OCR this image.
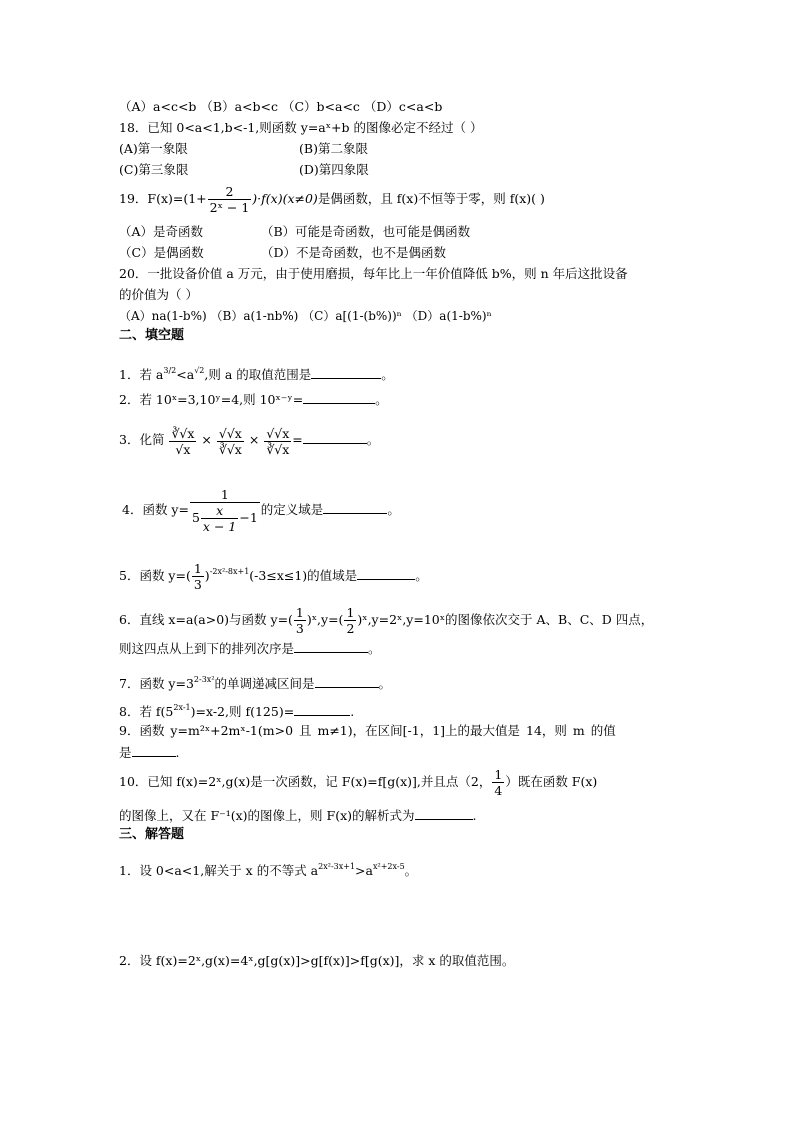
（A）a<c<b （B）a<b<c （C）b<a<c （D）c<a<b
18．已知 0<a<1,b<-1,则函数 y=aˣ+b 的图像必定不经过（ ）
(A)第一象限	(B)第二象限
(C)第三象限	(D)第四象限
19．$F(x)=(1+ \frac{2}{\text{2ˣ − 1}} )\cdot f(x)(x\ne 0)$是偶函数，且 f(x)不恒等于零，则 f(x)( )
（A）是奇函数	（B）可能是奇函数，也可能是偶函数
（C）是偶函数	（D）不是奇函数，也不是偶函数
20．一批设备价值 a 万元，由于使用磨损，每年比上一年价值降低 b%，则 n 年后这批设备
的价值为（ ）
（A）na(1-b%) （B）a(1-nb%) （C）a[(1-(b%))ⁿ （D）a(1-b%)ⁿ
二、填空题
1．若 $a^{3/2}<a^{√2}$,则 a 的取值范围是	。
2．若 10ˣ=3,10ʸ=4,则 10ˣ⁻ʸ=	。
3．化简 $\frac{∛√x}{√x} \times \frac{√√x}{∛√x} \times \frac{√√x}{∛√x}$ =	。
4．函数 $y= \frac{1}{5 \frac{x}{x - 1} -1}$ 的定义域是	。
5．函数 $y=( \frac{1}{3} )^{-2x^2-8x+1}(-3\le x\le 1)$的值域是	。
6．直线 x=a(a>0)与函数 $y=( \frac{1}{3}$ )ˣ,y=( $\frac{1}{2}$ )ˣ,y=2ˣ,y=10ˣ的图像依次交于 A、B、C、D 四点，
则这四点从上到下的排列次序是	。
7．函数 $y=3^{2-3x^2}$的单调递减区间是	。
8．若 $f(5^{2x-1})=x-2$,则 f(125)=	.
9．函数 y=m²ˣ+2mˣ-1(m>0 且 m≠1)，在区间[-1，1]上的最大值是 14，则 m 的值
是	.
10．已知 f(x)=2ˣ,g(x)是一次函数，记 F(x)=f[g(x)],并且点（2， $\frac{1}{4}$ ）既在函数 F(x)
的图像上，又在 F⁻¹(x)的图像上，则 F(x)的解析式为	.
三、解答题
1．设 0<a<1,解关于 x 的不等式 $a^{2x^2-3x+1}>a^{x^2+2x-5}$。
2．设 f(x)=2ˣ,g(x)=4ˣ,g[g(x)]>g[f(x)]>f[g(x)]，求 x 的取值范围。
